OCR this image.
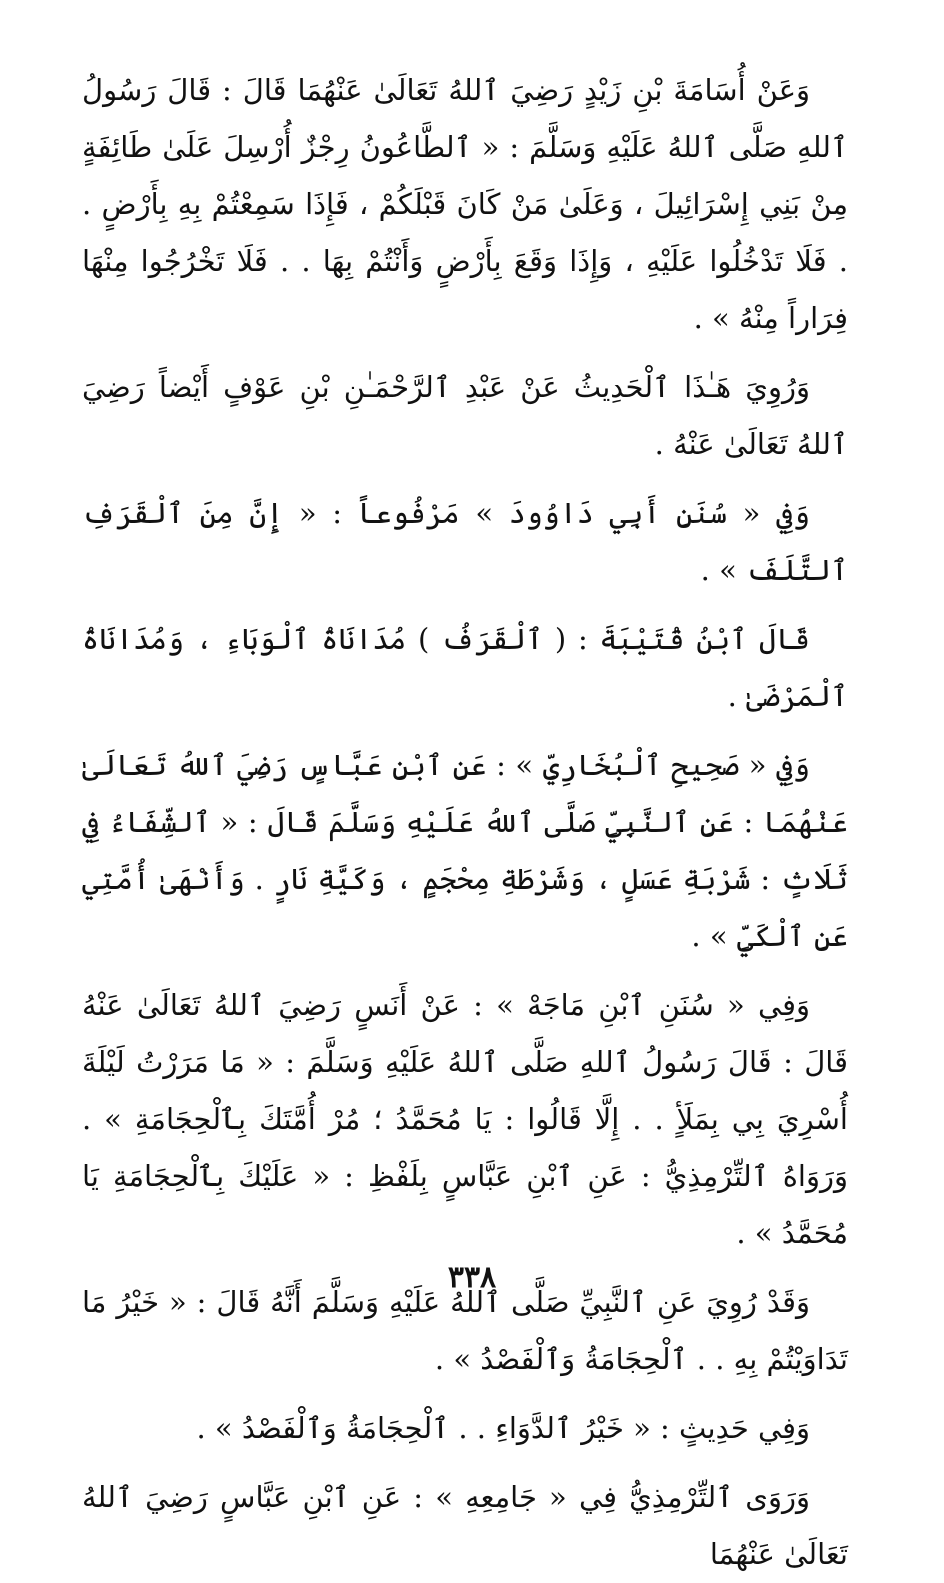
وَعَنْ أُسَامَةَ بْنِ زَيْدٍ رَضِيَ ٱللهُ تَعَالَىٰ عَنْهُمَا قَالَ : قَالَ رَسُولُ ٱللهِ صَلَّى ٱللهُ عَلَيْهِ وَسَلَّمَ : « ٱلطَّاعُونُ رِجْزٌ أُرْسِلَ عَلَىٰ طَائِفَةٍ مِنْ بَنِي إِسْرَائِيلَ ، وَعَلَىٰ مَنْ كَانَ قَبْلَكُمْ ، فَإِذَا سَمِعْتُمْ بِهِ بِأَرْضٍ . . فَلَا تَدْخُلُوا عَلَيْهِ ، وَإِذَا وَقَعَ بِأَرْضٍ وَأَنْتُمْ بِهَا . . فَلَا تَخْرُجُوا مِنْهَا فِرَاراً مِنْهُ » .

وَرُوِيَ هَـٰذَا ٱلْحَدِيثُ عَنْ عَبْدِ ٱلرَّحْمَـٰنِ بْنِ عَوْفٍ أَيْضاً رَضِيَ ٱللهُ تَعَالَىٰ عَنْهُ .

وَفِي « سُنَنِ أَبِي دَاوُودَ » مَرْفُوعاً : « إِنَّ مِنَ ٱلْقَرَفِ ٱلتَّلَفَ » .

قَالَ ٱبْنُ قُتَيْبَةَ : ( ٱلْقَرَفُ ) مُدَانَاةُ ٱلْوَبَاءِ ، وَمُدَانَاةُ ٱلْمَرْضَىٰ .

وَفِي « صَحِيحِ ٱلْبُخَارِيِّ » : عَنِ ٱبْنِ عَبَّاسٍ رَضِيَ ٱللهُ تَعَالَىٰ عَنْهُمَا : عَنِ ٱلنَّبِيِّ صَلَّى ٱللهُ عَلَيْهِ وَسَلَّمَ قَالَ : « ٱلشِّفَاءُ فِي ثَلَاثٍ : شَرْبَةِ عَسَلٍ ، وَشَرْطَةِ مِحْجَمٍ ، وَكَيَّةِ نَارٍ . وَأَنْهَىٰ أُمَّتِي عَنِ ٱلْكَيِّ » .

وَفِي « سُنَنِ ٱبْنِ مَاجَهْ » : عَنْ أَنَسٍ رَضِيَ ٱللهُ تَعَالَىٰ عَنْهُ قَالَ : قَالَ رَسُولُ ٱللهِ صَلَّى ٱللهُ عَلَيْهِ وَسَلَّمَ : « مَا مَرَرْتُ لَيْلَةَ أُسْرِيَ بِي بِمَلَأٍ . . إِلَّا قَالُوا : يَا مُحَمَّدُ ؛ مُرْ أُمَّتَكَ بِٱلْحِجَامَةِ » . وَرَوَاهُ ٱلتِّرْمِذِيُّ : عَنِ ٱبْنِ عَبَّاسٍ بِلَفْظِ : « عَلَيْكَ بِٱلْحِجَامَةِ يَا مُحَمَّدُ » .

وَقَدْ رُوِيَ عَنِ ٱلنَّبِيِّ صَلَّى ٱللهُ عَلَيْهِ وَسَلَّمَ أَنَّهُ قَالَ : « خَيْرُ مَا تَدَاوَيْتُمْ بِهِ . . ٱلْحِجَامَةُ وَٱلْفَصْدُ » .

وَفِي حَدِيثٍ : « خَيْرُ ٱلدَّوَاءِ . . ٱلْحِجَامَةُ وَٱلْفَصْدُ » .

وَرَوَى ٱلتِّرْمِذِيُّ فِي « جَامِعِهِ » : عَنِ ٱبْنِ عَبَّاسٍ رَضِيَ ٱللهُ تَعَالَىٰ عَنْهُمَا

٣٣٨
